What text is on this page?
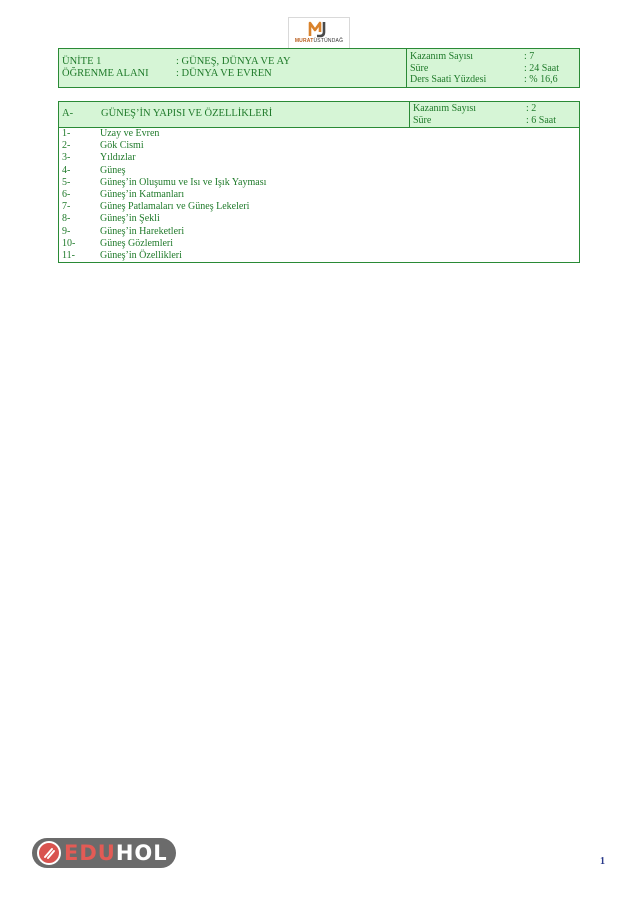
MURATÜSTÜNDAĞ
ÜNİTE 1	: GÜNEŞ, DÜNYA VE AY
ÖĞRENME ALANI	: DÜNYA VE EVREN
Kazanım Sayısı	: 7
Süre	: 24 Saat
Ders Saati Yüzdesi	: % 16,6
A-	GÜNEŞ’İN YAPISI VE ÖZELLİKLERİ	Kazanım Sayısı	: 2
Süre	: 6 Saat
1-	Uzay ve Evren
2-	Gök Cismi
3-	Yıldızlar
4-	Güneş
5-	Güneş’in Oluşumu ve Isı ve Işık Yayması
6-	Güneş’in Katmanları
7-	Güneş Patlamaları ve Güneş Lekeleri
8-	Güneş’in Şekli
9-	Güneş’in Hareketleri
10- Güneş Gözlemleri
11-	Güneş’in Özellikleri
EDUHOL	1
